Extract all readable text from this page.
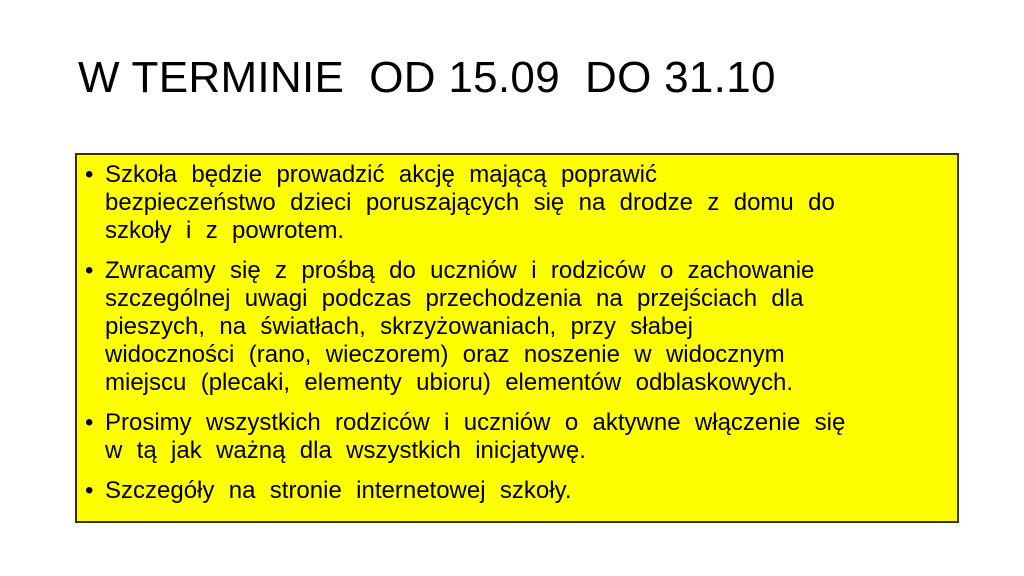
W TERMINIE  OD 15.09  DO 31.10
• Szkoła będzie prowadzić akcję mającą poprawić
bezpieczeństwo dzieci poruszających się na drodze z domu do
szkoły i z powrotem.
• Zwracamy się z prośbą do uczniów i rodziców o zachowanie
szczególnej uwagi podczas przechodzenia na przejściach dla
pieszych, na światłach, skrzyżowaniach, przy słabej
widoczności (rano, wieczorem) oraz noszenie w widocznym
miejscu (plecaki, elementy ubioru) elementów odblaskowych.
• Prosimy wszystkich rodziców i uczniów o aktywne włączenie się
w tą jak ważną dla wszystkich inicjatywę.
• Szczegóły na stronie internetowej szkoły.
